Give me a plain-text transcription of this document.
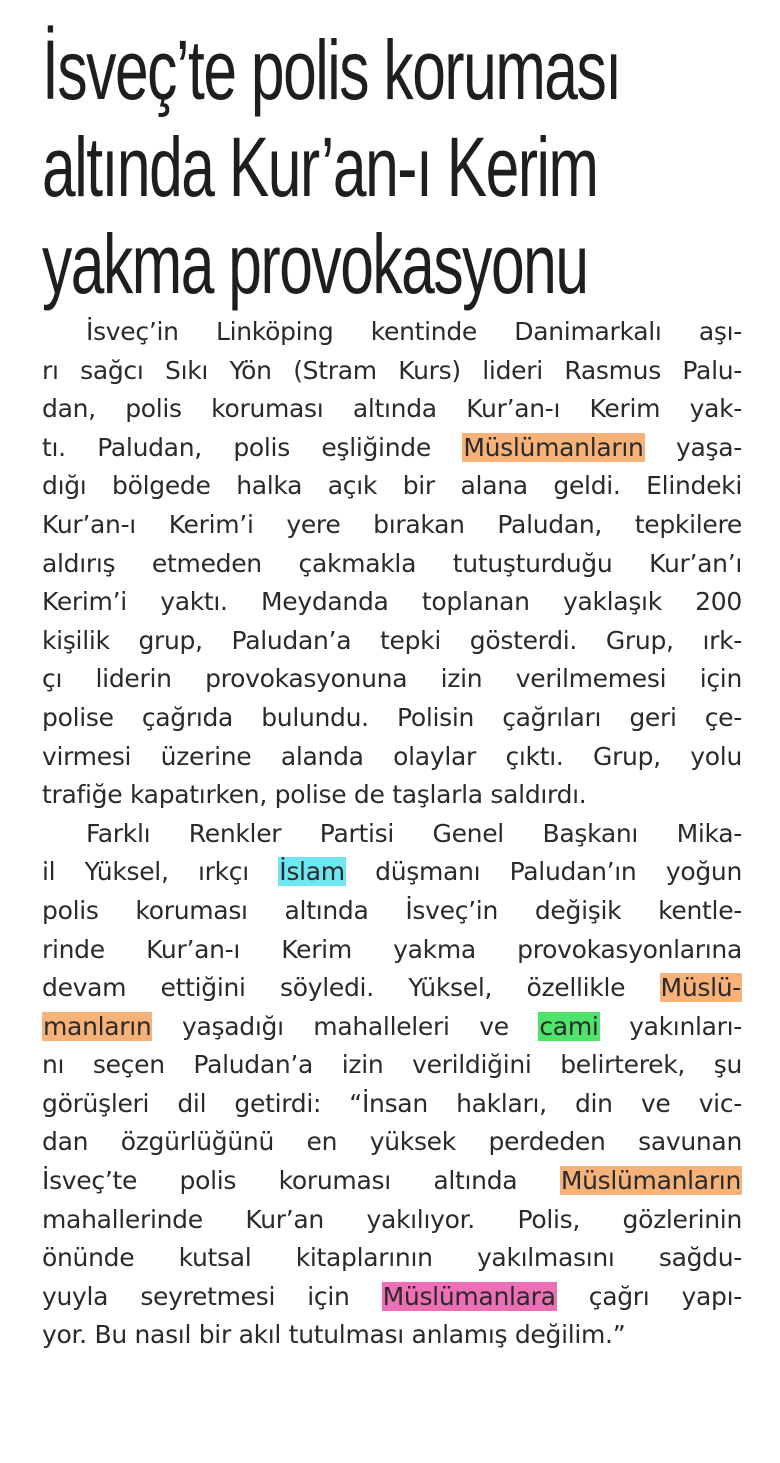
İsveç’te polis koruması
altında Kur’an-ı Kerim
yakma provokasyonu
İsveç’in Linköping kentinde Danimarkalı aşı-
rı sağcı Sıkı Yön (Stram Kurs) lideri Rasmus Palu-
dan, polis koruması altında Kur’an-ı Kerim yak-
tı. Paludan, polis eşliğinde Müslümanların yaşa-
dığı bölgede halka açık bir alana geldi. Elindeki
Kur’an-ı Kerim’i yere bırakan Paludan, tepkilere
aldırış etmeden çakmakla tutuşturduğu Kur’an’ı
Kerim’i yaktı. Meydanda toplanan yaklaşık 200
kişilik grup, Paludan’a tepki gösterdi. Grup, ırk-
çı liderin provokasyonuna izin verilmemesi için
polise çağrıda bulundu. Polisin çağrıları geri çe-
virmesi üzerine alanda olaylar çıktı. Grup, yolu
trafiğe kapatırken, polise de taşlarla saldırdı.
Farklı Renkler Partisi Genel Başkanı Mika-
il Yüksel, ırkçı İslam düşmanı Paludan’ın yoğun
polis koruması altında İsveç’in değişik kentle-
rinde Kur’an-ı Kerim yakma provokasyonlarına
devam ettiğini söyledi. Yüksel, özellikle Müslü-
manların yaşadığı mahalleleri ve cami yakınları-
nı seçen Paludan’a izin verildiğini belirterek, şu
görüşleri dil getirdi: “İnsan hakları, din ve vic-
dan özgürlüğünü en yüksek perdeden savunan
İsveç’te polis koruması altında Müslümanların
mahallerinde Kur’an yakılıyor. Polis, gözlerinin
önünde kutsal kitaplarının yakılmasını sağdu-
yuyla seyretmesi için Müslümanlara çağrı yapı-
yor. Bu nasıl bir akıl tutulması anlamış değilim.”
